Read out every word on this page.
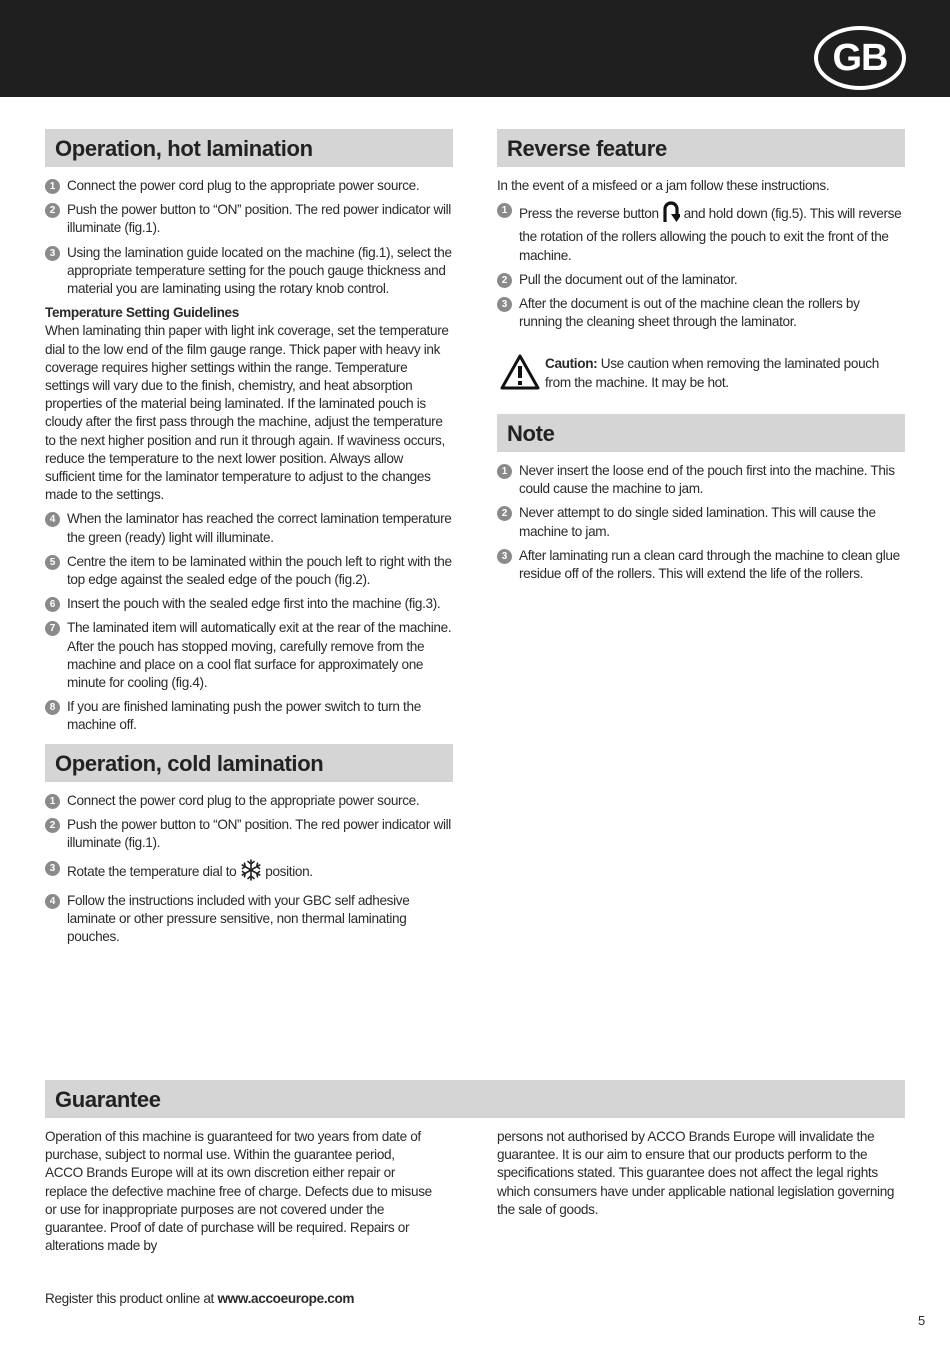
GB
Operation, hot lamination
1 Connect the power cord plug to the appropriate power source.
2 Push the power button to “ON” position. The red power indicator will illuminate (fig.1).
3 Using the lamination guide located on the machine (fig.1), select the appropriate temperature setting for the pouch gauge thickness and material you are laminating using the rotary knob control.
Temperature Setting Guidelines

When laminating thin paper with light ink coverage, set the temperature dial to the low end of the film gauge range. Thick paper with heavy ink coverage requires higher settings within the range. Temperature settings will vary due to the finish, chemistry, and heat absorption properties of the material being laminated. If the laminated pouch is cloudy after the first pass through the machine, adjust the temperature to the next higher position and run it through again. If waviness occurs, reduce the temperature to the next lower position. Always allow sufficient time for the laminator temperature to adjust to the changes made to the settings.

4 When the laminator has reached the correct lamination temperature the green (ready) light will illuminate.
5 Centre the item to be laminated within the pouch left to right with the top edge against the sealed edge of the pouch (fig.2).
6 Insert the pouch with the sealed edge first into the machine (fig.3).
7 The laminated item will automatically exit at the rear of the machine. After the pouch has stopped moving, carefully remove from the machine and place on a cool flat surface for approximately one minute for cooling (fig.4).
8 If you are finished laminating push the power switch to turn the machine off.
Operation, cold lamination
1 Connect the power cord plug to the appropriate power source.
2 Push the power button to “ON” position. The red power indicator will illuminate (fig.1).
3 Rotate the temperature dial to position.
4 Follow the instructions included with your GBC self adhesive laminate or other pressure sensitive, non thermal laminating pouches.
Reverse feature

In the event of a misfeed or a jam follow these instructions.

1 Press the reverse button and hold down (fig.5). This will reverse the rotation of the rollers allowing the pouch to exit the front of the machine.
2 Pull the document out of the laminator.
3 After the document is out of the machine clean the rollers by running the cleaning sheet through the laminator.
Caution: Use caution when removing the laminated pouch from the machine. It may be hot.
Note
1 Never insert the loose end of the pouch first into the machine. This could cause the machine to jam.
2 Never attempt to do single sided lamination. This will cause the machine to jam.
3 After laminating run a clean card through the machine to clean glue residue off of the rollers. This will extend the life of the rollers.
Guarantee
Operation of this machine is guaranteed for two years from date of purchase, subject to normal use. Within the guarantee period, ACCO Brands Europe will at its own discretion either repair or replace the defective machine free of charge. Defects due to misuse or use for inappropriate purposes are not covered under the guarantee. Proof of date of purchase will be required. Repairs or alterations made by
persons not authorised by ACCO Brands Europe will invalidate the guarantee. It is our aim to ensure that our products perform to the specifications stated. This guarantee does not affect the legal rights which consumers have under applicable national legislation governing the sale of goods.
Register this product online at www.accoeurope.com
5
